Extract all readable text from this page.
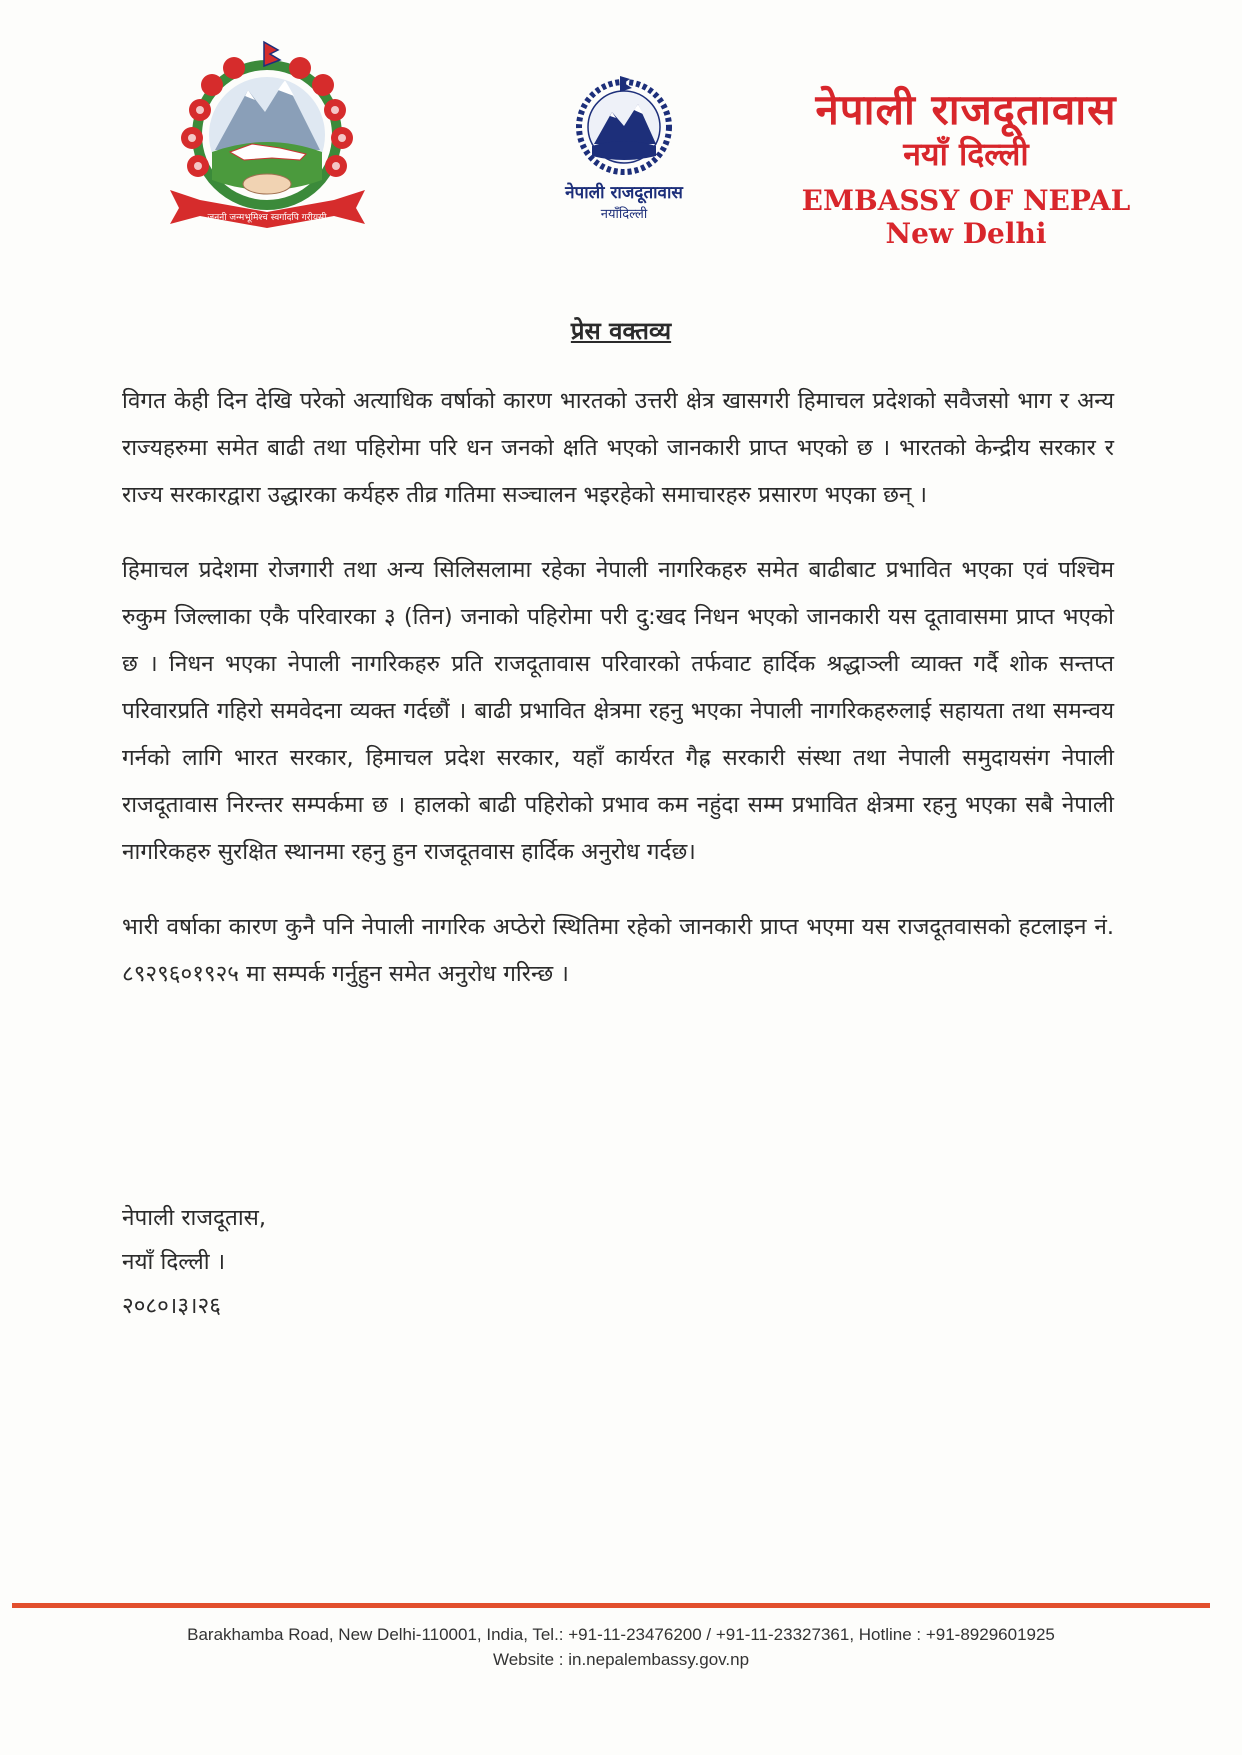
जननी जन्मभूमिश्च स्वर्गादपि गरीयसी
नेपाली राजदूतावास
नयाँदिल्ली
नेपाली राजदूतावास
नयाँ दिल्ली
EMBASSY OF NEPAL
New Delhi
प्रेस वक्तव्य

विगत केही दिन देखि परेको अत्याधिक वर्षाको कारण भारतको उत्तरी क्षेत्र खासगरी हिमाचल प्रदेशको सवैजसो भाग र अन्य राज्यहरुमा समेत बाढी तथा पहिरोमा परि धन जनको क्षति भएको जानकारी प्राप्त भएको छ । भारतको केन्द्रीय सरकार र राज्य सरकारद्वारा उद्धारका कर्यहरु तीव्र गतिमा सञ्चालन भइरहेको समाचारहरु प्रसारण भएका छन् ।

हिमाचल प्रदेशमा रोजगारी तथा अन्य सिलिसलामा रहेका नेपाली नागरिकहरु समेत बाढीबाट प्रभावित भएका एवं पश्चिम रुकुम जिल्लाका एकै परिवारका ३ (तिन) जनाको पहिरोमा परी दु:खद निधन भएको जानकारी यस दूतावासमा प्राप्त भएको छ । निधन भएका नेपाली नागरिकहरु प्रति राजदूतावास परिवारको तर्फवाट हार्दिक श्रद्धाञ्ली व्याक्त गर्दै शोक सन्तप्त परिवारप्रति गहिरो समवेदना व्यक्त गर्दछौं । बाढी प्रभावित क्षेत्रमा रहनु भएका नेपाली नागरिकहरुलाई सहायता तथा समन्वय गर्नको लागि भारत सरकार, हिमाचल प्रदेश सरकार, यहाँ कार्यरत गैह्र सरकारी संस्था तथा नेपाली समुदायसंग नेपाली राजदूतावास निरन्तर सम्पर्कमा छ । हालको बाढी पहिरोको प्रभाव कम नहुंदा सम्म प्रभावित क्षेत्रमा रहनु भएका सबै नेपाली नागरिकहरु सुरक्षित स्थानमा रहनु हुन राजदूतवास हार्दिक अनुरोध गर्दछ।

भारी वर्षाका कारण कुनै पनि नेपाली नागरिक अप्ठेरो स्थितिमा रहेको जानकारी प्राप्त भएमा यस राजदूतवासको हटलाइन नं. ८९२९६०१९२५ मा सम्पर्क गर्नुहुन समेत अनुरोध गरिन्छ ।

नेपाली राजदूतास,
नयाँ दिल्ली ।
२०८०।३।२६
Barakhamba Road, New Delhi-110001, India, Tel.: +91-11-23476200 / +91-11-23327361, Hotline : +91-8929601925
Website : in.nepalembassy.gov.np
